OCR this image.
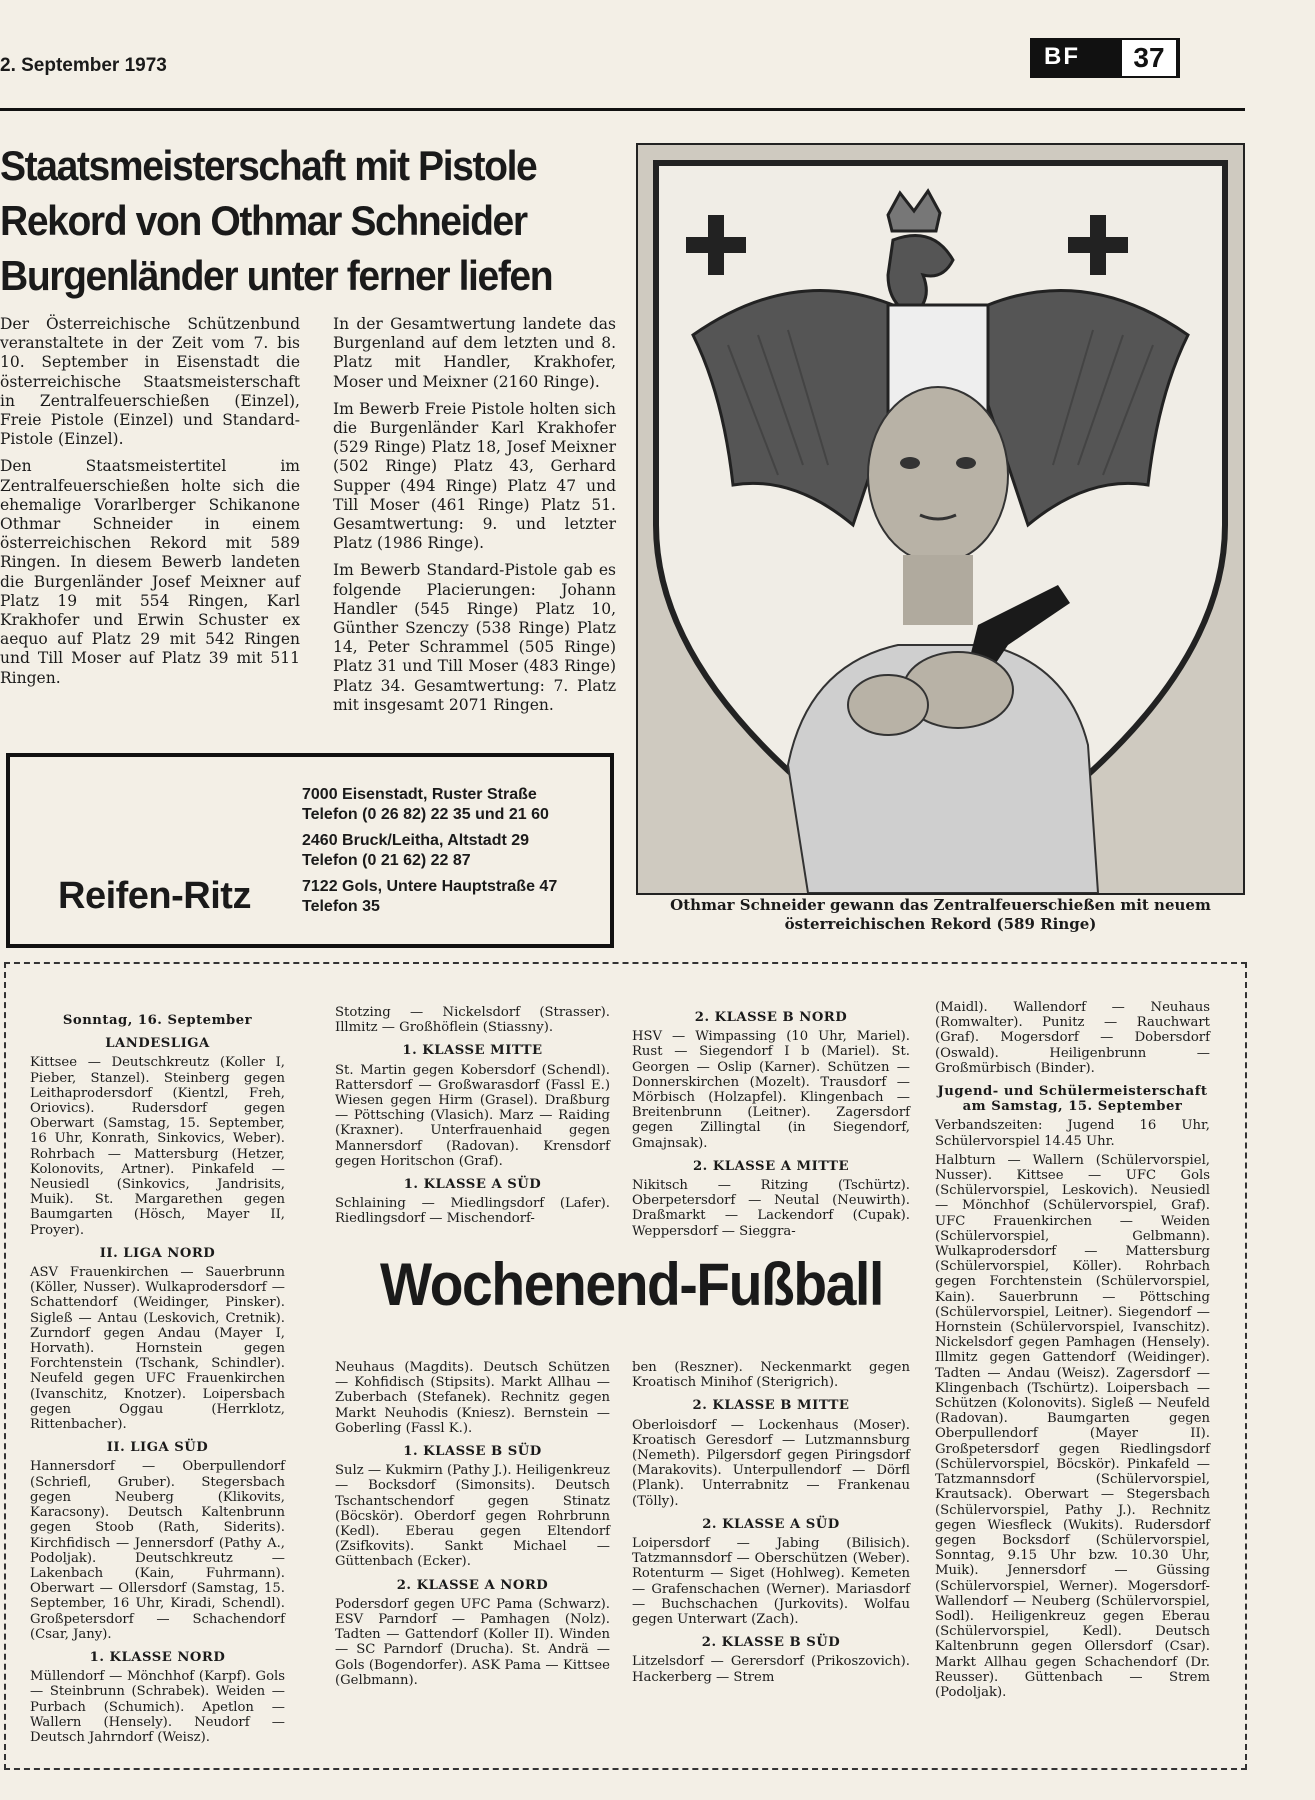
2. September 1973	BF	37
Staatsmeisterschaft mit Pistole
Rekord von Othmar Schneider
Burgenländer unter ferner liefen

Der Österreichische Schützenbund veranstaltete in der Zeit vom 7. bis 10. September in Eisenstadt die österreichische Staatsmeisterschaft in Zentralfeuerschießen (Einzel), Freie Pistole (Einzel) und Standard-Pistole (Einzel).

Den Staatsmeistertitel im Zentralfeuerschießen holte sich die ehemalige Vorarlberger Schikanone Othmar Schneider in einem österreichischen Rekord mit 589 Ringen. In diesem Bewerb landeten die Burgenländer Josef Meixner auf Platz 19 mit 554 Ringen, Karl Krakhofer und Erwin Schuster ex aequo auf Platz 29 mit 542 Ringen und Till Moser auf Platz 39 mit 511 Ringen.

In der Gesamtwertung landete das Burgenland auf dem letzten und 8. Platz mit Handler, Krakhofer, Moser und Meixner (2160 Ringe).

Im Bewerb Freie Pistole holten sich die Burgenländer Karl Krakhofer (529 Ringe) Platz 18, Josef Meixner (502 Ringe) Platz 43, Gerhard Supper (494 Ringe) Platz 47 und Till Moser (461 Ringe) Platz 51. Gesamtwertung: 9. und letzter Platz (1986 Ringe).

Im Bewerb Standard-Pistole gab es folgende Placierungen: Johann Handler (545 Ringe) Platz 10, Günther Szenczy (538 Ringe) Platz 14, Peter Schrammel (505 Ringe) Platz 31 und Till Moser (483 Ringe) Platz 34. Gesamtwertung: 7. Platz mit insgesamt 2071 Ringen.

Othmar Schneider gewann das Zentralfeuerschießen mit neuem österreichischen Rekord (589 Ringe)
7000 Eisenstadt, Ruster Straße
Telefon (0 26 82) 22 35 und 21 60
2460 Bruck/Leitha, Altstadt 29
Telefon (0 21 62) 22 87
7122 Gols, Untere Hauptstraße 47
Telefon 35
Reifen-Ritz
Sonntag, 16. September
LANDESLIGA

Kittsee — Deutschkreutz (Koller I, Pieber, Stanzel). Steinberg gegen Leithaprodersdorf (Kientzl, Freh, Oriovics). Rudersdorf gegen Oberwart (Samstag, 15. September, 16 Uhr, Konrath, Sinkovics, Weber). Rohrbach — Mattersburg (Hetzer, Kolonovits, Artner). Pinkafeld — Neusiedl (Sinkovics, Jandrisits, Muik). St. Margarethen gegen Baumgarten (Hösch, Mayer II, Proyer).

II. LIGA NORD

ASV Frauenkirchen — Sauerbrunn (Köller, Nusser). Wulkaprodersdorf — Schattendorf (Weidinger, Pinsker). Sigleß — Antau (Leskovich, Cretnik). Zurndorf gegen Andau (Mayer I, Horvath). Hornstein gegen Forchtenstein (Tschank, Schindler). Neufeld gegen UFC Frauenkirchen (Ivanschitz, Knotzer). Loipersbach gegen Oggau (Herrklotz, Rittenbacher).

II. LIGA SÜD

Hannersdorf — Oberpullendorf (Schriefl, Gruber). Stegersbach gegen Neuberg (Klikovits, Karacsony). Deutsch Kaltenbrunn gegen Stoob (Rath, Siderits). Kirchfidisch — Jennersdorf (Pathy A., Podoljak). Deutschkreutz — Lakenbach (Kain, Fuhrmann). Oberwart — Ollersdorf (Samstag, 15. September, 16 Uhr, Kiradi, Schendl). Großpetersdorf — Schachendorf (Csar, Jany).

1. KLASSE NORD

Müllendorf — Mönchhof (Karpf). Gols — Steinbrunn (Schrabek). Weiden — Purbach (Schumich). Apetlon — Wallern (Hensely). Neudorf — Deutsch Jahrndorf (Weisz).

Stotzing — Nickelsdorf (Strasser). Illmitz — Großhöflein (Stiassny).

1. KLASSE MITTE

St. Martin gegen Kobersdorf (Schendl). Rattersdorf — Großwarasdorf (Fassl E.) Wiesen gegen Hirm (Grasel). Draßburg — Pöttsching (Vlasich). Marz — Raiding (Kraxner). Unterfrauenhaid gegen Mannersdorf (Radovan). Krensdorf gegen Horitschon (Graf).

1. KLASSE A SÜD

Schlaining — Miedlingsdorf (Lafer). Riedlingsdorf — Mischendorf-

Neuhaus (Magdits). Deutsch Schützen — Kohfidisch (Stipsits). Markt Allhau — Zuberbach (Stefanek). Rechnitz gegen Markt Neuhodis (Kniesz). Bernstein — Goberling (Fassl K.).

1. KLASSE B SÜD

Sulz — Kukmirn (Pathy J.). Heiligenkreuz — Bocksdorf (Simonsits). Deutsch Tschantschendorf gegen Stinatz (Böcskör). Oberdorf gegen Rohrbrunn (Kedl). Eberau gegen Eltendorf (Zsifkovits). Sankt Michael — Güttenbach (Ecker).

2. KLASSE A NORD

Podersdorf gegen UFC Pama (Schwarz). ESV Parndorf — Pamhagen (Nolz). Tadten — Gattendorf (Koller II). Winden — SC Parndorf (Drucha). St. Andrä — Gols (Bogendorfer). ASK Pama — Kittsee (Gelbmann).

2. KLASSE B NORD

HSV — Wimpassing (10 Uhr, Mariel). Rust — Siegendorf I b (Mariel). St. Georgen — Oslip (Karner). Schützen — Donnerskirchen (Mozelt). Trausdorf — Mörbisch (Holzapfel). Klingenbach — Breitenbrunn (Leitner). Zagersdorf gegen Zillingtal (in Siegendorf, Gmajnsak).

2. KLASSE A MITTE

Nikitsch — Ritzing (Tschürtz). Oberpetersdorf — Neutal (Neuwirth). Draßmarkt — Lackendorf (Cupak). Weppersdorf — Sieggra-

ben (Reszner). Neckenmarkt gegen Kroatisch Minihof (Sterigrich).

2. KLASSE B MITTE

Oberloisdorf — Lockenhaus (Moser). Kroatisch Geresdorf — Lutzmannsburg (Nemeth). Pilgersdorf gegen Piringsdorf (Marakovits). Unterpullendorf — Dörfl (Plank). Unterrabnitz — Frankenau (Tölly).

2. KLASSE A SÜD

Loipersdorf — Jabing (Bilisich). Tatzmannsdorf — Oberschützen (Weber). Rotenturm — Siget (Hohlweg). Kemeten — Grafenschachen (Werner). Mariasdorf — Buchschachen (Jurkovits). Wolfau gegen Unterwart (Zach).

2. KLASSE B SÜD

Litzelsdorf — Gerersdorf (Prikoszovich). Hackerberg — Strem

(Maidl). Wallendorf — Neuhaus (Romwalter). Punitz — Rauchwart (Graf). Mogersdorf — Dobersdorf (Oswald). Heiligenbrunn — Großmürbisch (Binder).

Jugend- und Schülermeisterschaft am Samstag, 15. September

Verbandszeiten: Jugend 16 Uhr, Schülervorspiel 14.45 Uhr.

Halbturn — Wallern (Schülervorspiel, Nusser). Kittsee — UFC Gols (Schülervorspiel, Leskovich). Neusiedl — Mönchhof (Schülervorspiel, Graf). UFC Frauenkirchen — Weiden (Schülervorspiel, Gelbmann). Wulkaprodersdorf — Mattersburg (Schülervorspiel, Köller). Rohrbach gegen Forchtenstein (Schülervorspiel, Kain). Sauerbrunn — Pöttsching (Schülervorspiel, Leitner). Siegendorf — Hornstein (Schülervorspiel, Ivanschitz). Nickelsdorf gegen Pamhagen (Hensely). Illmitz gegen Gattendorf (Weidinger). Tadten — Andau (Weisz). Zagersdorf — Klingenbach (Tschürtz). Loipersbach — Schützen (Kolonovits). Sigleß — Neufeld (Radovan). Baumgarten gegen Oberpullendorf (Mayer II). Großpetersdorf gegen Riedlingsdorf (Schülervorspiel, Böcskör). Pinkafeld — Tatzmannsdorf (Schülervorspiel, Krautsack). Oberwart — Stegersbach (Schülervorspiel, Pathy J.). Rechnitz gegen Wiesfleck (Wukits). Rudersdorf gegen Bocksdorf (Schülervorspiel, Sonntag, 9.15 Uhr bzw. 10.30 Uhr, Muik). Jennersdorf — Güssing (Schülervorspiel, Werner). Mogersdorf-Wallendorf — Neuberg (Schülervorspiel, Sodl). Heiligenkreuz gegen Eberau (Schülervorspiel, Kedl). Deutsch Kaltenbrunn gegen Ollersdorf (Csar). Markt Allhau gegen Schachendorf (Dr. Reusser). Güttenbach — Strem (Podoljak).

Wochenend-Fußball
